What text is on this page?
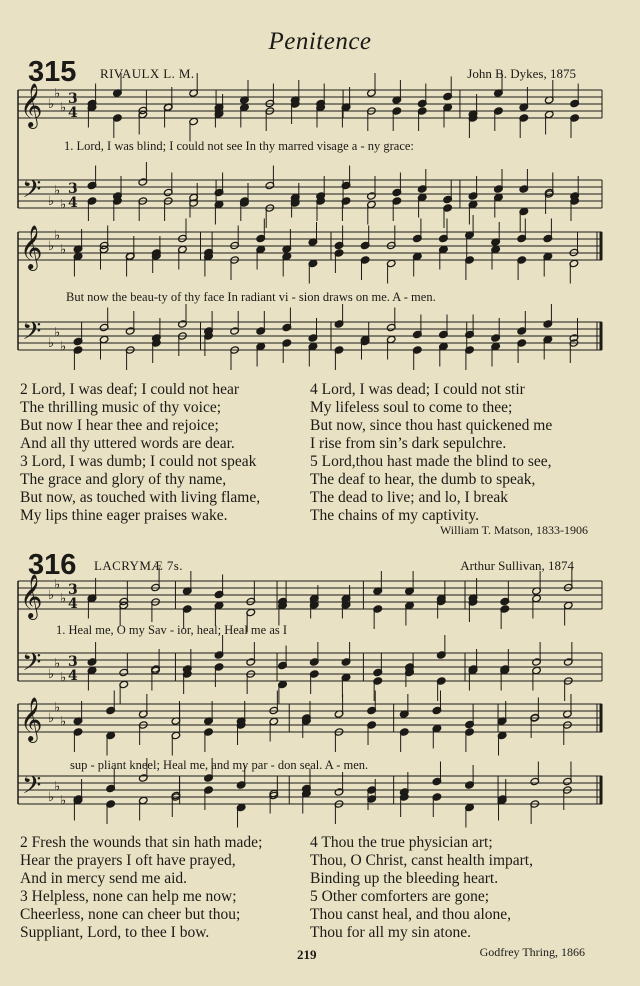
Penitence
315 RIVAULX L. M.	John B. Dykes, 1875
𝄞
𝄢
♭
♭
♭
♭
♭
♭
3
4
3
4
1. Lord, I was blind; I could not see In thy marred visage a - ny grace:
𝄞
𝄢
♭
♭
♭
♭
♭
♭
But now the beau-ty of thy face In radiant vi - sion draws on me. A - men.
2 Lord, I was deaf; I could not hear
The thrilling music of thy voice;
But now I hear thee and rejoice;
And all thy uttered words are dear.
3 Lord, I was dumb; I could not speak
The grace and glory of thy name,
But now, as touched with living flame,
My lips thine eager praises wake.
4 Lord, I was dead; I could not stir
My lifeless soul to come to thee;
But now, since thou hast quickened me
I rise from sin’s dark sepulchre.
5 Lord,thou hast made the blind to see,
The deaf to hear, the dumb to speak,
The dead to live; and lo, I break
The chains of my captivity.
William T. Matson, 1833-1906
316 LACRYMÆ 7s.	Arthur Sullivan, 1874
𝄞
𝄢
♭
♭
♭
♭
♭
♭
3
4
3
4
1. Heal me, O my Sav - ior, heal; Heal me as I
𝄞
𝄢
♭
♭
♭
♭
♭
♭
sup - pliant kneel; Heal me, and my par - don seal. A - men.
2 Fresh the wounds that sin hath made;
Hear the prayers I oft have prayed,
And in mercy send me aid.
3 Helpless, none can help me now;
Cheerless, none can cheer but thou;
Suppliant, Lord, to thee I bow.
4 Thou the true physician art;
Thou, O Christ, canst health impart,
Binding up the bleeding heart.
5 Other comforters are gone;
Thou canst heal, and thou alone,
Thou for all my sin atone.
219	Godfrey Thring, 1866
